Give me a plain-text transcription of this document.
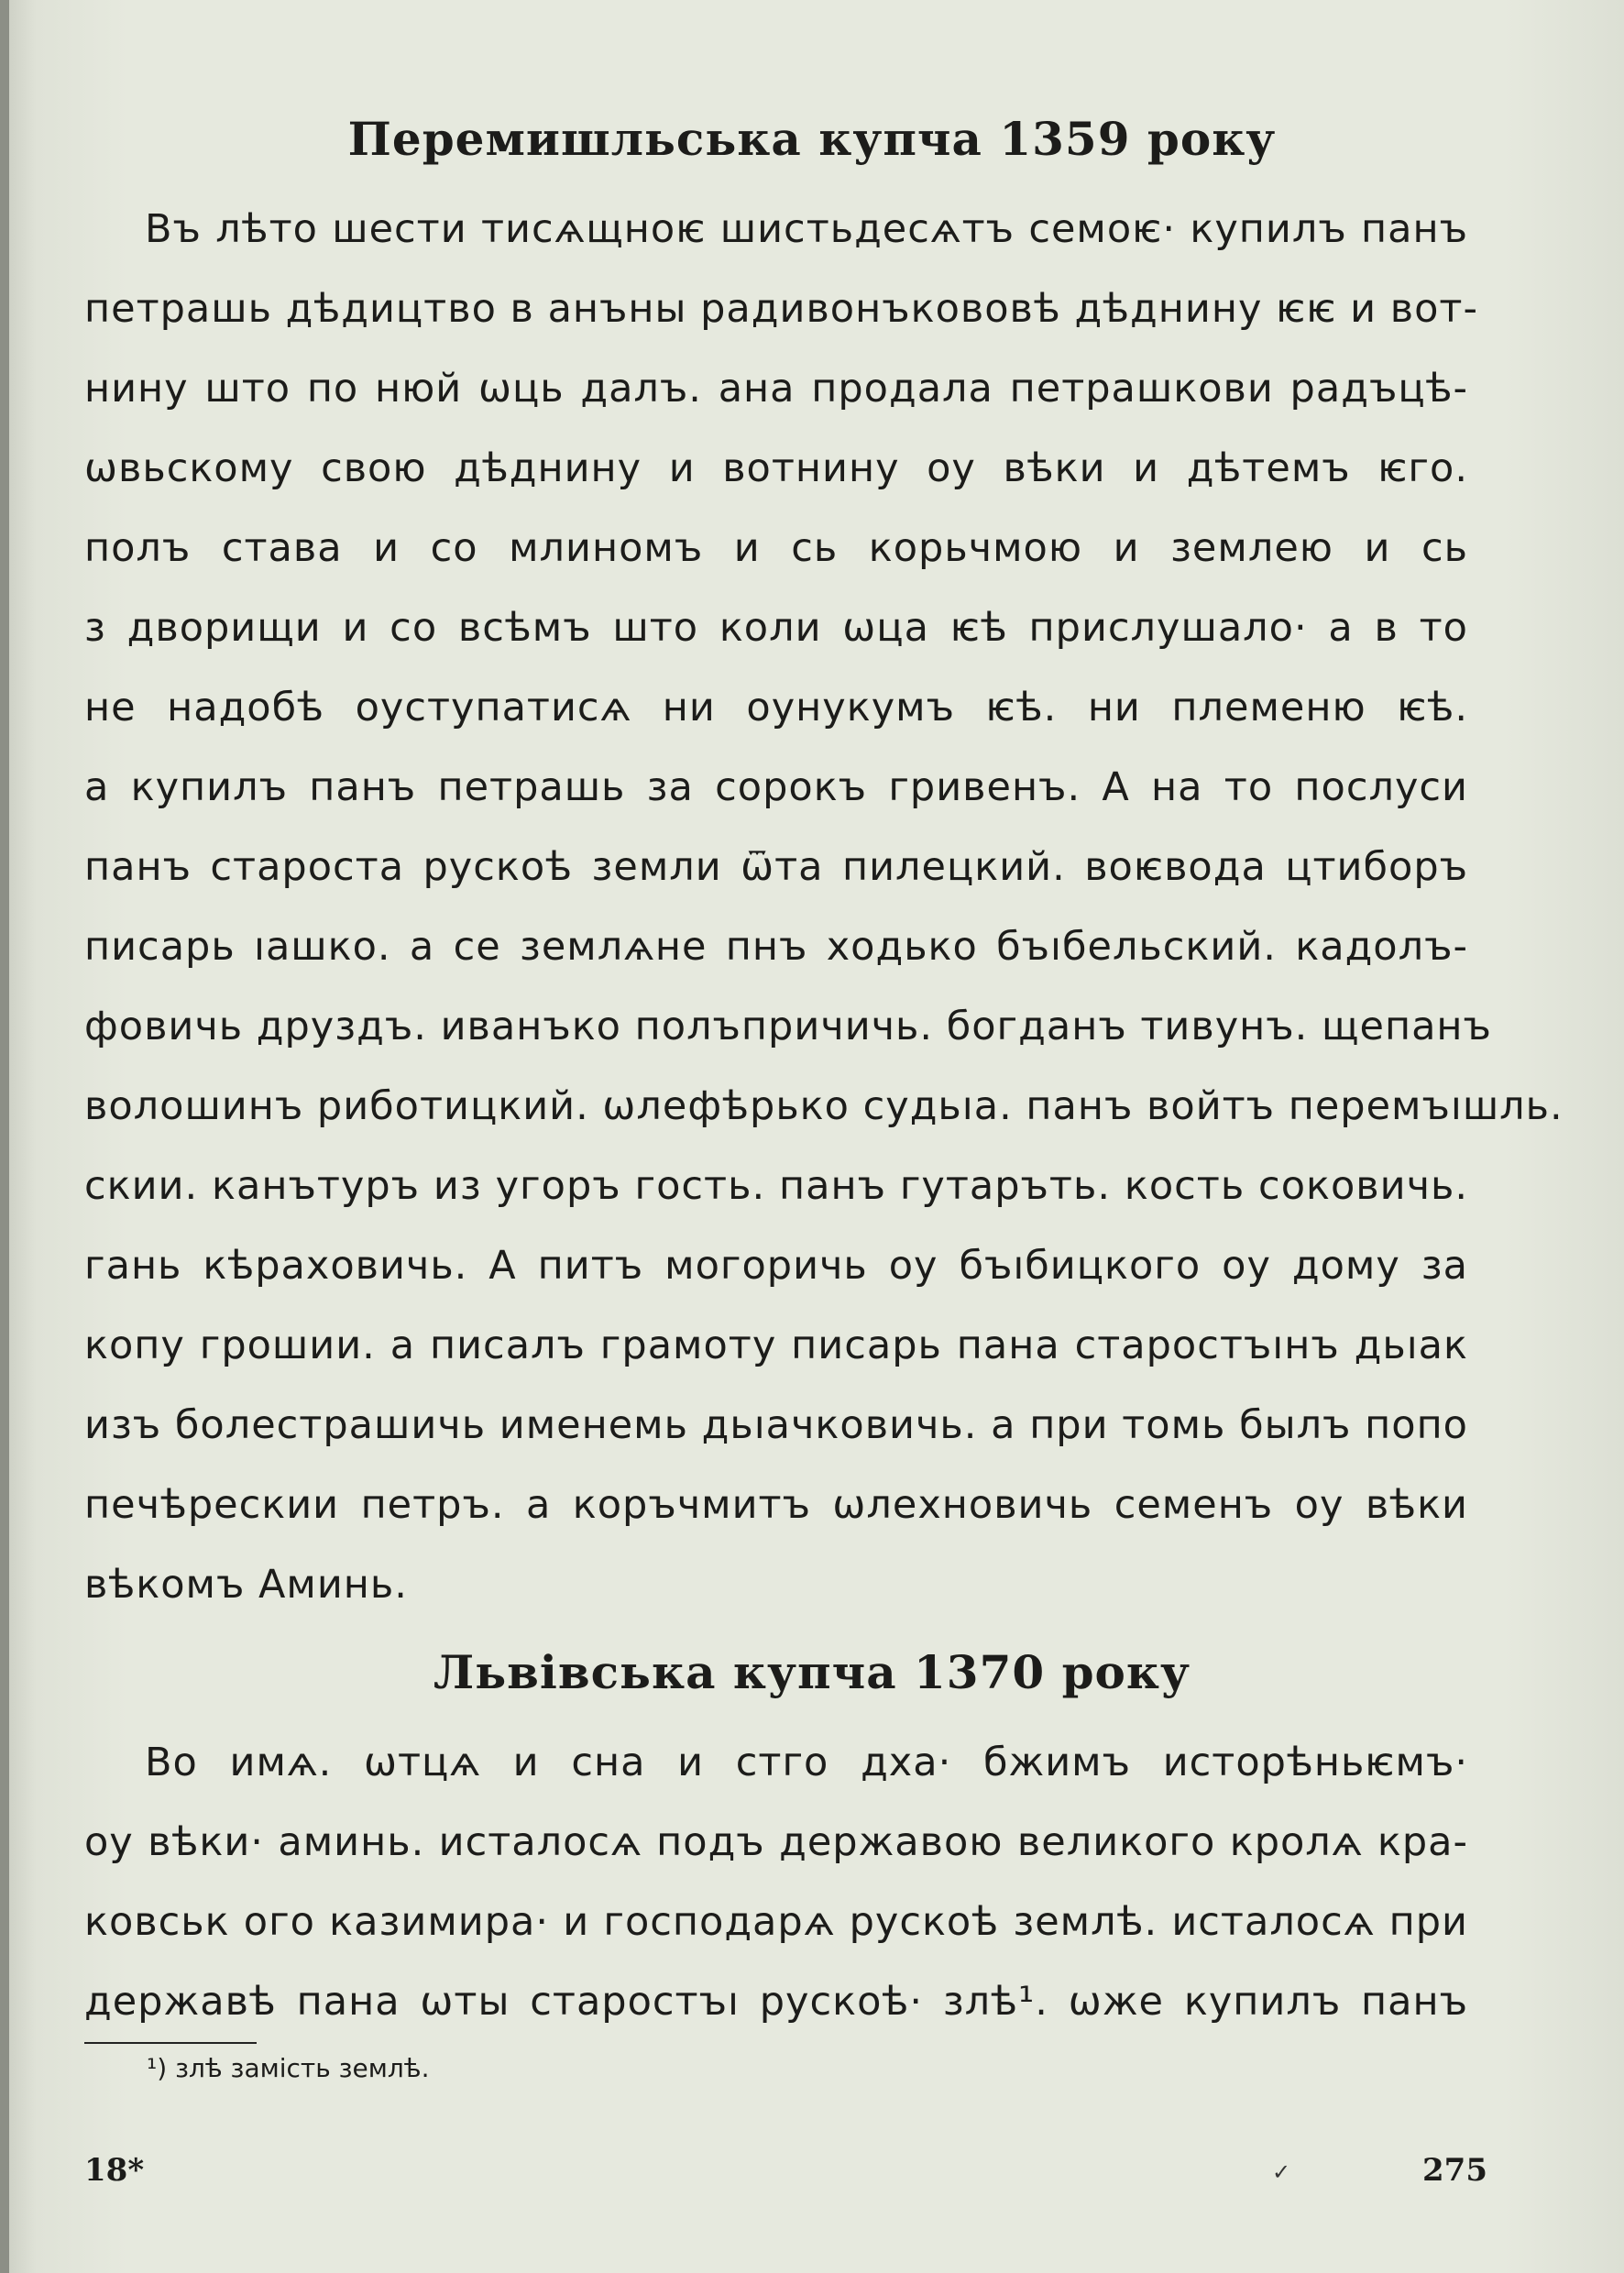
Перемишльська купча 1359 року
Въ лѣто шести тисѧщноѥ шистьдесѧтъ семоѥ· купилъ панъ
петрашь дѣдицтво в анъны радивонъкововѣ дѣднину ѥѥ и вот-
нину што по нюй ѡць далъ. ана продала петрашкови радъцѣ-
ѡвьскому свою дѣднину и вотнину оу вѣки и дѣтемъ ѥго.
полъ става и со млиномъ и сь корьчмою и землею и сь
з дворищи и со всѣмъ што коли ѡца ѥѣ прислушало· а в то
не надобѣ оуступатисѧ ни оунукумъ ѥѣ. ни племеню ѥѣ.
а купилъ панъ петрашь за сорокъ гривенъ. А на то послуси
панъ староста рускоѣ земли ѿта пилецкий. воѥвода цтиборъ
писарь ıашко. а се землѧне пнъ ходько бъıбельский. кадолъ-
фовичь друздъ. иванъко полъпричичь. богданъ тивунъ. щепанъ
волошинъ риботицкий. ѡлефѣрько судьıа. панъ войтъ перемъıшль.
скии. канътуръ из угоръ гость. панъ гутаръть. кость соковичь.
гань кѣраховичь. А питъ могоричь оу бъıбицкого оу дому за
копу грошии. а писалъ грамоту писарь пана старостъıнъ дьıак
изъ болестрашичь именемь дьıачковичь. а при томь былъ попо
печѣрескии петръ. а коръчмитъ ѡлехновичь семенъ оу вѣки
вѣкомъ Аминь.
Львівська купча 1370 року
Во имѧ. ѡтцѧ и сна и стго дха· бжимъ исторѣньѥмъ·
оу вѣки· аминь. исталосѧ подъ державою великого кролѧ кра-
ковськ ого казимира· и господарѧ рускоѣ землѣ. исталосѧ при
державѣ пана ѡты старостъı рускоѣ· злѣ¹. ѡже купилъ панъ
¹) злѣ замість землѣ.
18*	✓	275
